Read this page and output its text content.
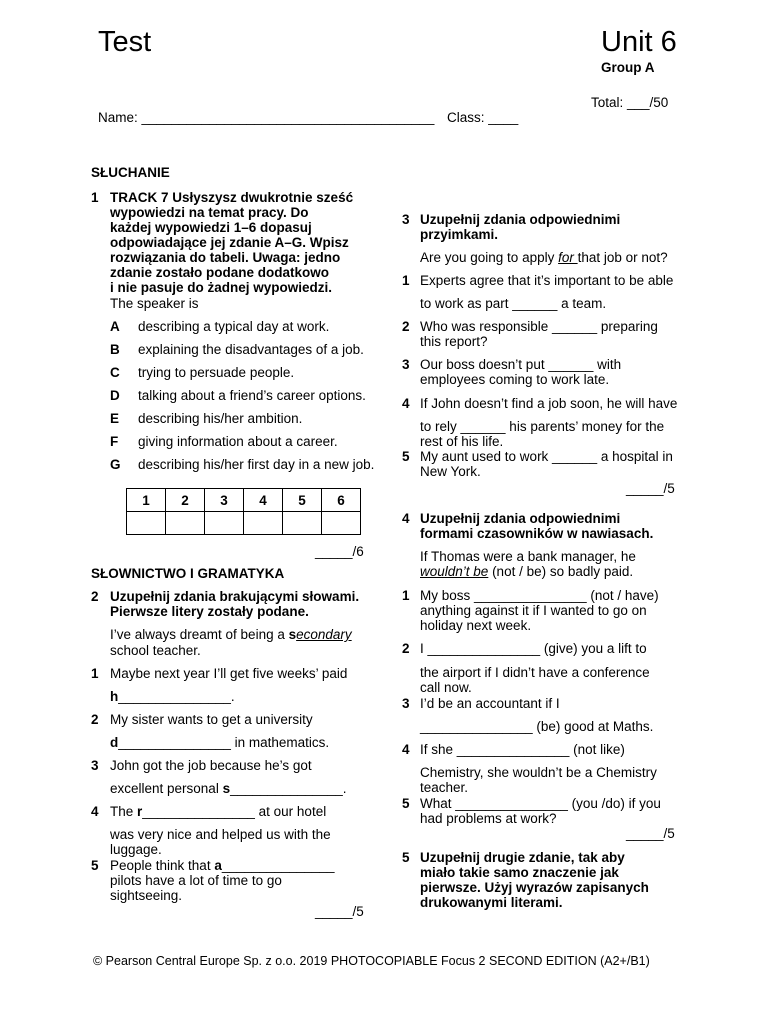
Test	Unit 6
Group A
Total: ___/50
Name: _______________________________________ Class: ____
SŁUCHANIE
1 TRACK 7 Usłyszysz dwukrotnie sześć
wypowiedzi na temat pracy. Do
każdej wypowiedzi 1–6 dopasuj
odpowiadające jej zdanie A–G. Wpisz
rozwiązania do tabeli. Uwaga: jedno
zdanie zostało podane dodatkowo
i nie pasuje do żadnej wypowiedzi.
The speaker is
A describing a typical day at work.
B explaining the disadvantages of a job.
C trying to persuade people.
D talking about a friend’s career options.
E describing his/her ambition.
F giving information about a career.
G describing his/her first day in a new job.
1	2	3	4	5	6

_____/6
SŁOWNICTWO I GRAMATYKA
2 Uzupełnij zdania brakującymi słowami.
Pierwsze litery zostały podane.
I’ve always dreamt of being a secondary
school teacher.
1 Maybe next year I’ll get five weeks’ paid
h_______________.
2 My sister wants to get a university
d_______________ in mathematics.
3 John got the job because he’s got
excellent personal s_______________.
4 The r_______________ at our hotel
was very nice and helped us with the
luggage.
5 People think that a_______________
pilots have a lot of time to go
sightseeing.
_____/5
3 Uzupełnij zdania odpowiednimi
przyimkami.
Are you going to apply for that job or not?
1 Experts agree that it’s important to be able
to work as part ______ a team.
2 Who was responsible ______ preparing
this report?
3 Our boss doesn’t put ______ with
employees coming to work late.
4 If John doesn’t find a job soon, he will have
to rely ______ his parents’ money for the
rest of his life.
5 My aunt used to work ______ a hospital in
New York.
_____/5
4 Uzupełnij zdania odpowiednimi
formami czasowników w nawiasach.
If Thomas were a bank manager, he
wouldn’t be (not / be) so badly paid.
1 My boss _______________ (not / have)
anything against it if I wanted to go on
holiday next week.
2 I _______________ (give) you a lift to
the airport if I didn’t have a conference
call now.
3 I’d be an accountant if I
_______________ (be) good at Maths.
4 If she _______________ (not like)
Chemistry, she wouldn’t be a Chemistry
teacher.
5 What _______________ (you /do) if you
had problems at work?
_____/5
5 Uzupełnij drugie zdanie, tak aby
miało takie samo znaczenie jak
pierwsze. Użyj wyrazów zapisanych
drukowanymi literami.
© Pearson Central Europe Sp. z o.o. 2019 PHOTOCOPIABLE Focus 2 SECOND EDITION (A2+/B1)
